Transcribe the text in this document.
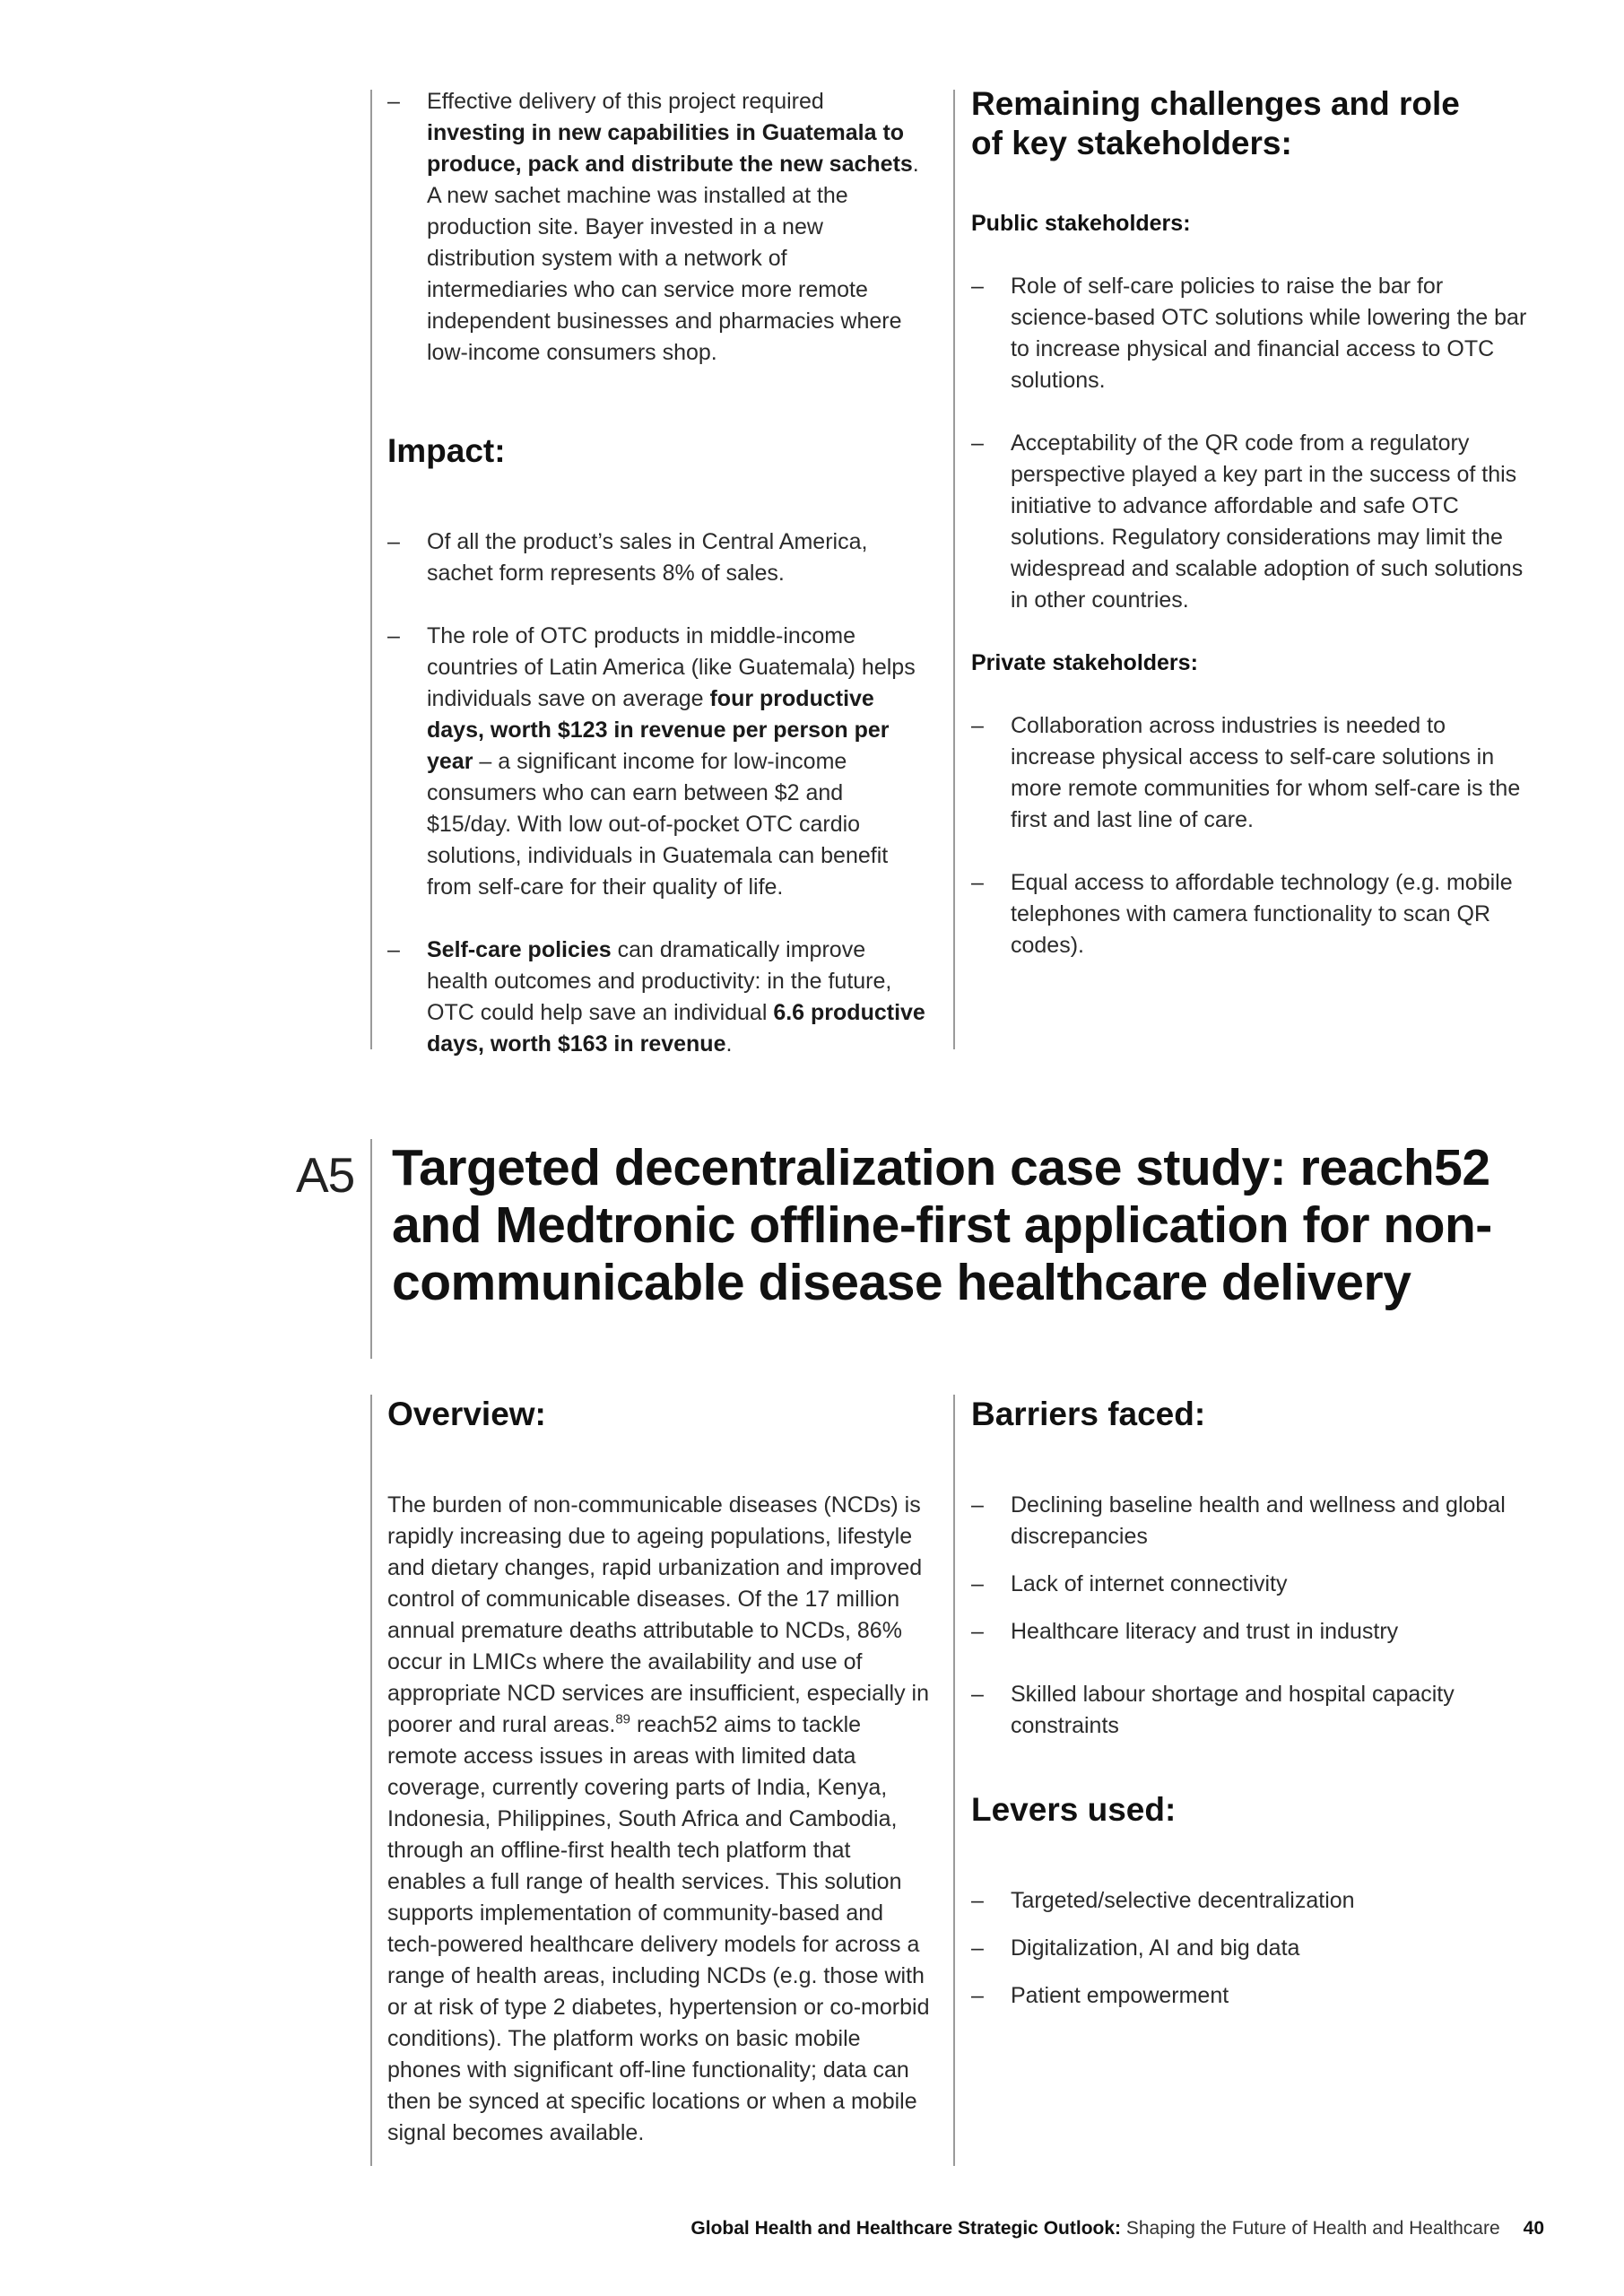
– Effective delivery of this project required investing in new capabilities in Guatemala to produce, pack and distribute the new sachets. A new sachet machine was installed at the production site. Bayer invested in a new distribution system with a network of intermediaries who can service more remote independent businesses and pharmacies where low-income consumers shop.
Impact:
– Of all the product’s sales in Central America, sachet form represents 8% of sales.
– The role of OTC products in middle-income countries of Latin America (like Guatemala) helps individuals save on average four productive days, worth $123 in revenue per person per year – a significant income for low-income consumers who can earn between $2 and $15/day. With low out-of-pocket OTC cardio solutions, individuals in Guatemala can benefit from self-care for their quality of life.
– Self-care policies can dramatically improve health outcomes and productivity: in the future, OTC could help save an individual 6.6 productive days, worth $163 in revenue.
Remaining challenges and role of key stakeholders:
Public stakeholders:
– Role of self-care policies to raise the bar for science-based OTC solutions while lowering the bar to increase physical and financial access to OTC solutions.
– Acceptability of the QR code from a regulatory perspective played a key part in the success of this initiative to advance affordable and safe OTC solutions. Regulatory considerations may limit the widespread and scalable adoption of such solutions in other countries.
Private stakeholders:
– Collaboration across industries is needed to increase physical access to self-care solutions in more remote communities for whom self-care is the first and last line of care.
– Equal access to affordable technology (e.g. mobile telephones with camera functionality to scan QR codes).
A5 Targeted decentralization case study: reach52 and Medtronic offline-first application for non-communicable disease healthcare delivery
Overview:

The burden of non-communicable diseases (NCDs) is rapidly increasing due to ageing populations, lifestyle and dietary changes, rapid urbanization and improved control of communicable diseases. Of the 17 million annual premature deaths attributable to NCDs, 86% occur in LMICs where the availability and use of appropriate NCD services are insufficient, especially in poorer and rural areas.$^{89}$ reach52 aims to tackle remote access issues in areas with limited data coverage, currently covering parts of India, Kenya, Indonesia, Philippines, South Africa and Cambodia, through an offline-first health tech platform that enables a full range of health services. This solution supports implementation of community-based and tech-powered healthcare delivery models for across a range of health areas, including NCDs (e.g. those with or at risk of type 2 diabetes, hypertension or co-morbid conditions). The platform works on basic mobile phones with significant off-line functionality; data can then be synced at specific locations or when a mobile signal becomes available.

Barriers faced:
– Declining baseline health and wellness and global discrepancies
– Lack of internet connectivity
– Healthcare literacy and trust in industry
– Skilled labour shortage and hospital capacity constraints
Levers used:
– Targeted/selective decentralization
– Digitalization, AI and big data
– Patient empowerment
Global Health and Healthcare Strategic Outlook: Shaping the Future of Health and Healthcare 40
